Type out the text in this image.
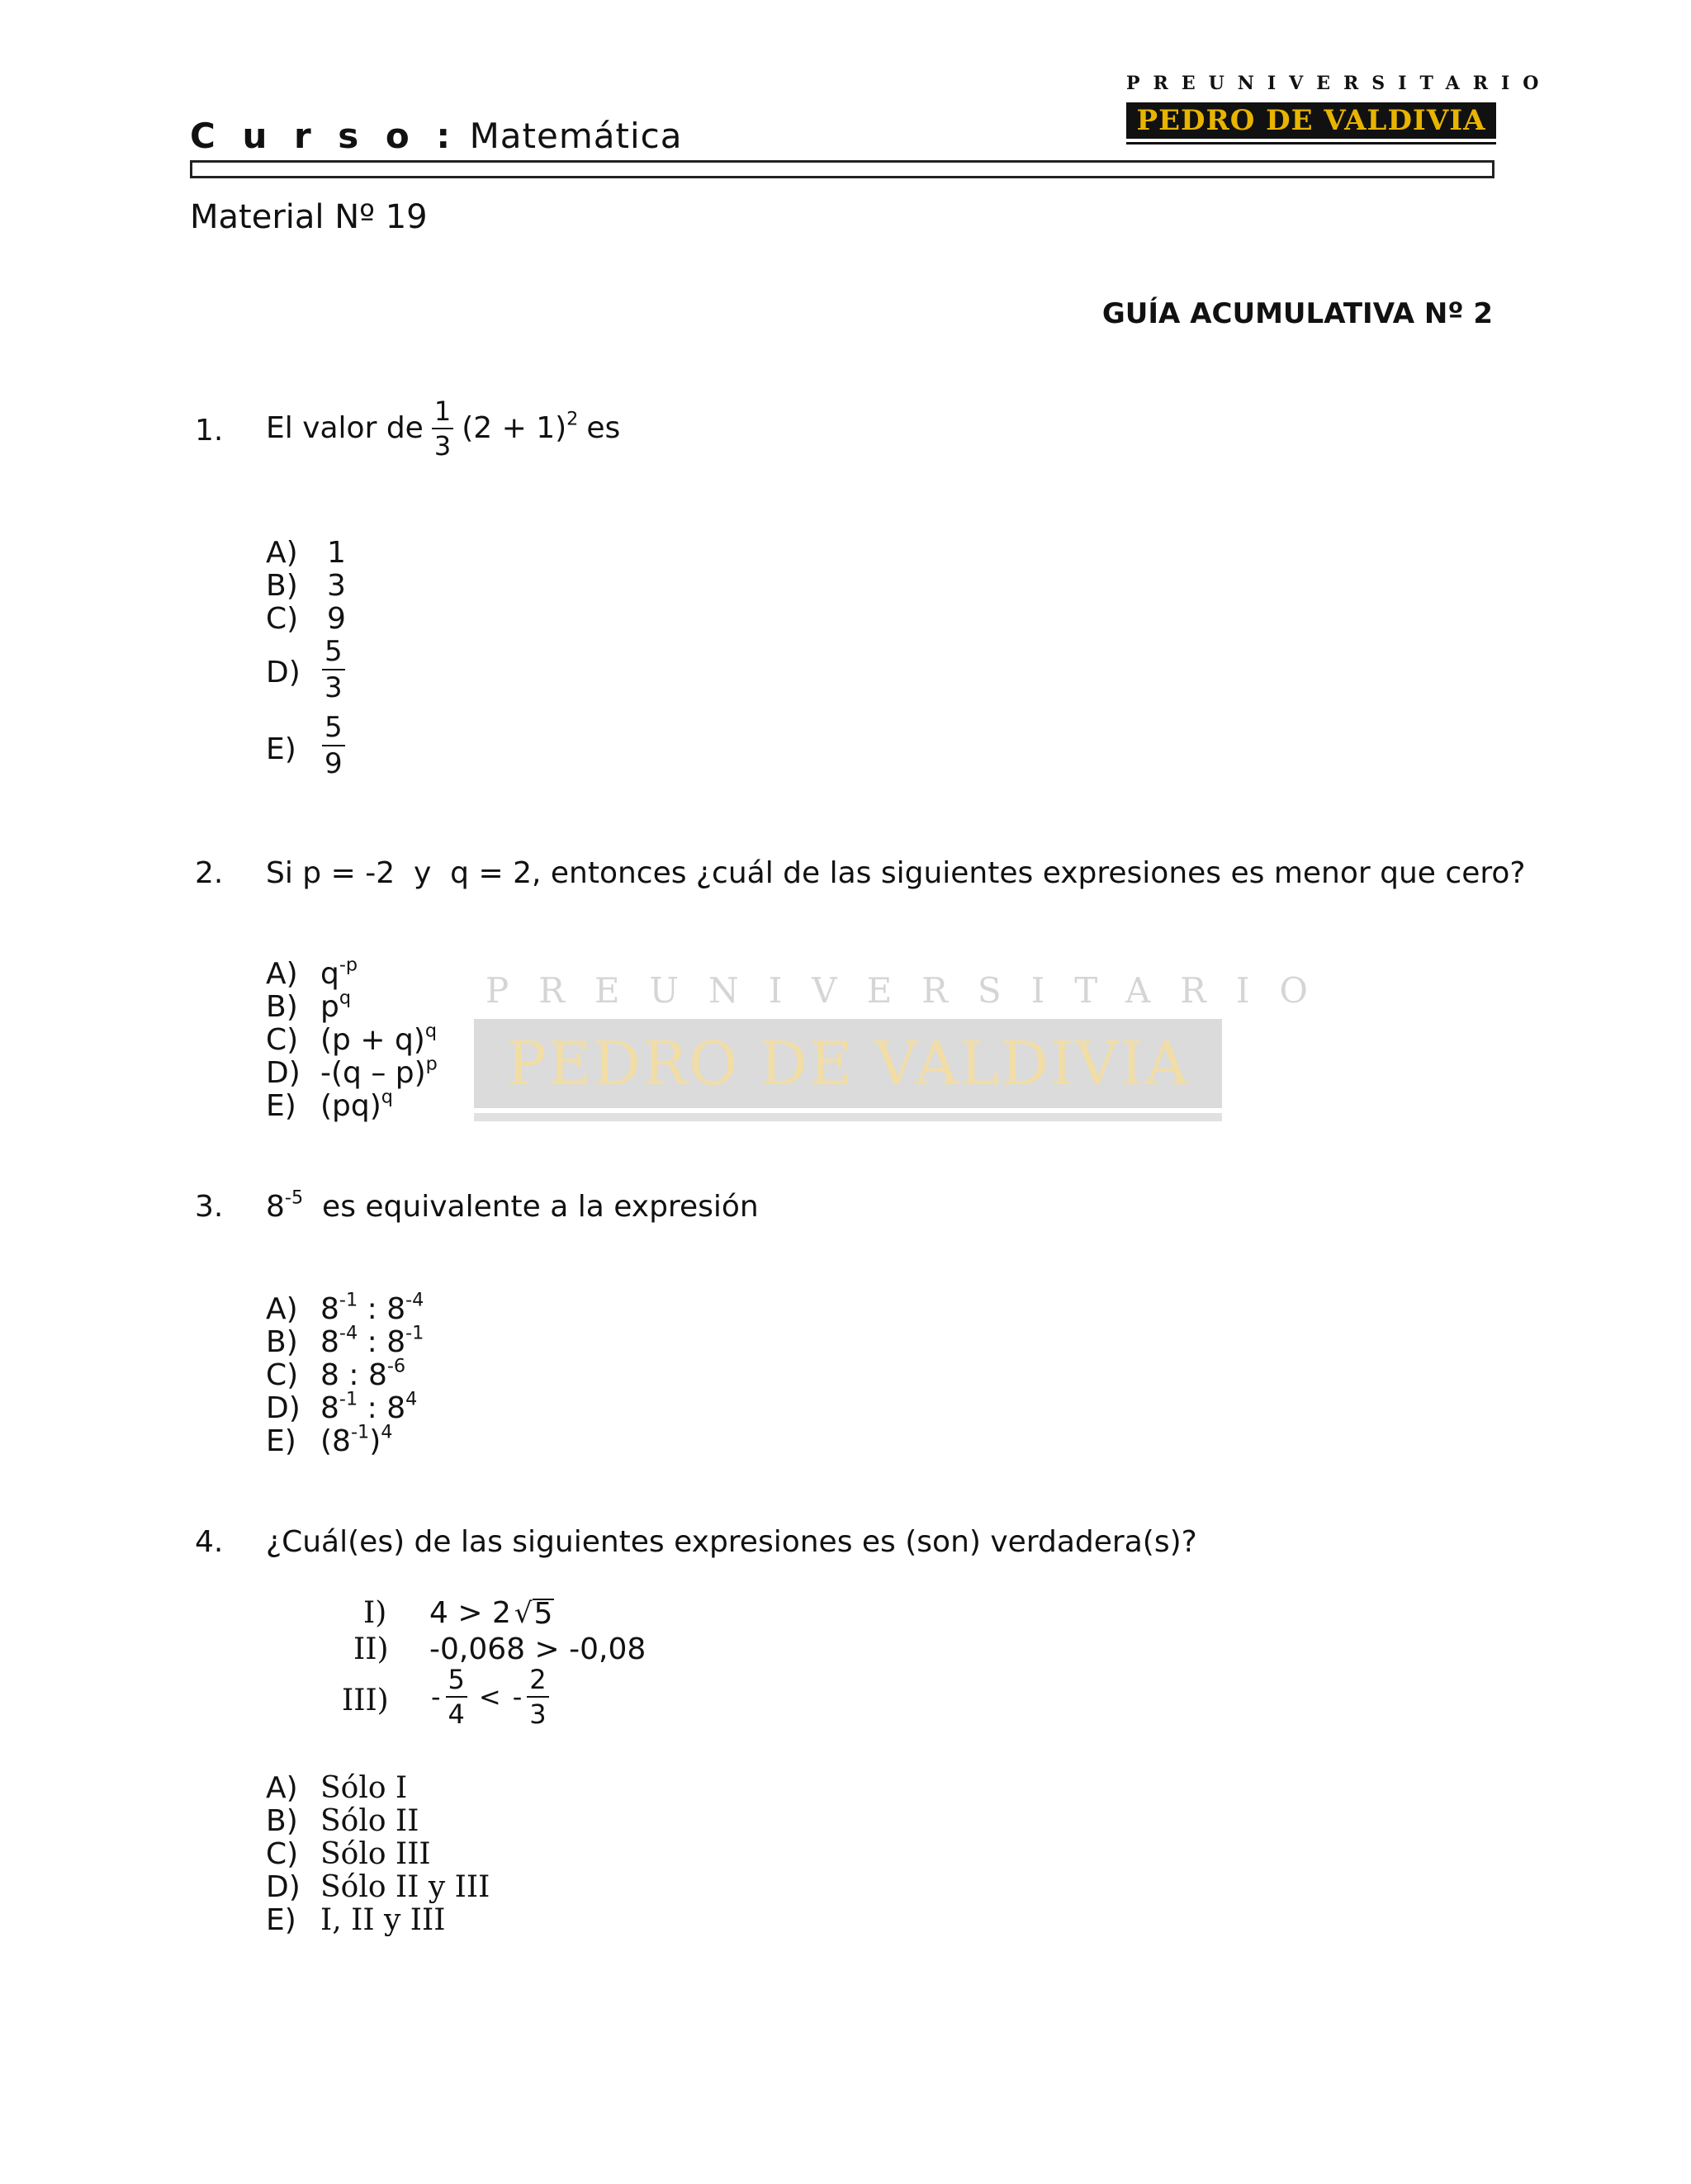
C u r s o : Matemática
PREUNIVERSITARIO
PEDRO DE VALDIVIA
Material Nº 19
GUÍA ACUMULATIVA Nº 2
PREUNIVERSITARIO
PEDRO DE VALDIVIA
1. El valor de $\frac{1}{3} (2 + 1)^2$ es
A) 1
B) 3
C) 9
$D) \frac{5}{3}$
$E) \frac{5}{9}$
2. Si p = -2  y  q = 2, entonces ¿cuál de las siguientes expresiones es menor que cero?
A) $q^{-p}$
B) $p^q$
C) $(p + q)^q$
D) -(q – p)$^p$
E) (pq)$^q$
3. $8^{-5}$ es equivalente a la expresión
A) $8^{-1}$ : $8^{-4}$
B) $8^{-4}$ : $8^{-1}$
C) 8 : $8^{-6}$
D) $8^{-1}$ : $8^4$
E) $(8^{-1})^4$
4. ¿Cuál(es) de las siguientes expresiones es (son) verdadera(s)?
I) 4 > 2 √ 5
II) -0,068 > -0,08
$III) - \frac{5}{4}$ < - $\frac{2}{3}$
A) Sólo I
B) Sólo II
C) Sólo III
D) Sólo II y III
E) I, II y III
